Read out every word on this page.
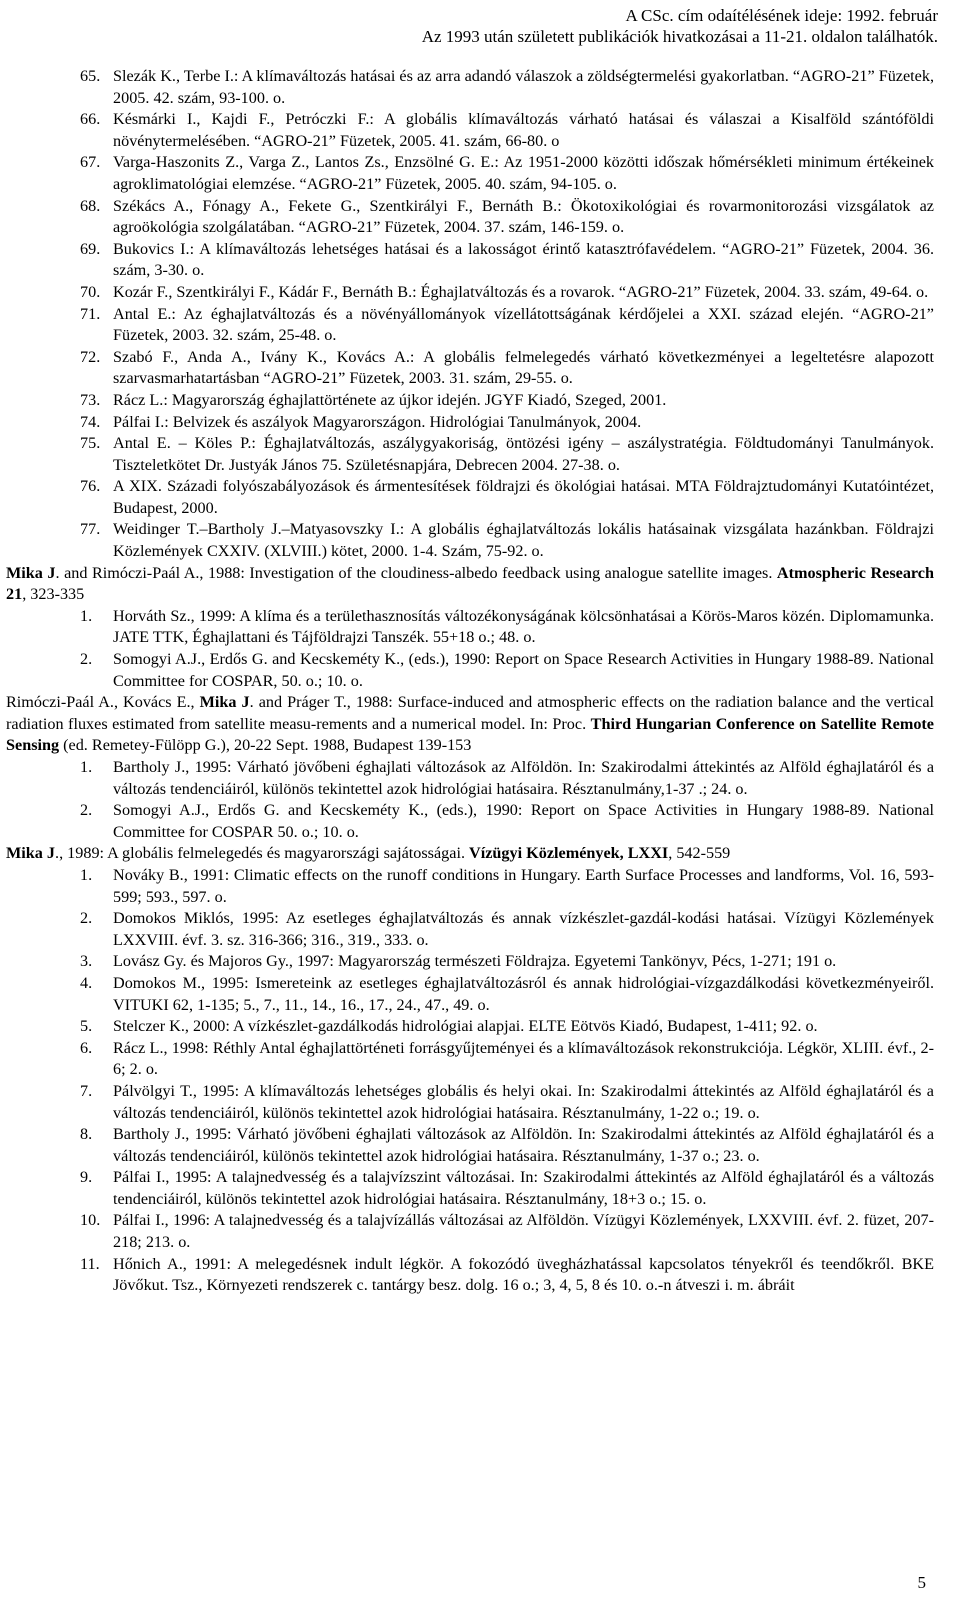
A CSc. cím odaítélésének ideje: 1992. február
Az 1993 után született publikációk hivatkozásai a 11-21. oldalon találhatók.
65. Slezák K., Terbe I.: A klímaváltozás hatásai és az arra adandó válaszok a zöldségtermelési gyakorlatban. “AGRO-21” Füzetek, 2005. 42. szám, 93-100. o.
66. Késmárki I., Kajdi F., Petróczki F.: A globális klímaváltozás várható hatásai és válaszai a Kisalföld szántóföldi növénytermelésében. “AGRO-21” Füzetek, 2005. 41. szám, 66-80. o
67. Varga-Haszonits Z., Varga Z., Lantos Zs., Enzsölné G. E.: Az 1951-2000 közötti időszak hőmérsékleti minimum értékeinek agroklimatológiai elemzése. “AGRO-21” Füzetek, 2005. 40. szám, 94-105. o.
68. Székács A., Fónagy A., Fekete G., Szentkirályi F., Bernáth B.: Ökotoxikológiai és rovarmonitorozási vizsgálatok az agroökológia szolgálatában. “AGRO-21” Füzetek, 2004. 37. szám, 146-159. o.
69. Bukovics I.: A klímaváltozás lehetséges hatásai és a lakosságot érintő katasztrófavédelem. “AGRO-21” Füzetek, 2004. 36. szám, 3-30. o.
70. Kozár F., Szentkirályi F., Kádár F., Bernáth B.: Éghajlatváltozás és a rovarok. “AGRO-21” Füzetek, 2004. 33. szám, 49-64. o.
71. Antal E.: Az éghajlatváltozás és a növényállományok vízellátottságának kérdőjelei a XXI. század elején. “AGRO-21” Füzetek, 2003. 32. szám, 25-48. o.
72. Szabó F., Anda A., Ivány K., Kovács A.: A globális felmelegedés várható következményei a legeltetésre alapozott szarvasmarhatartásban “AGRO-21” Füzetek, 2003. 31. szám, 29-55. o.
73. Rácz L.: Magyarország éghajlattörténete az újkor idején. JGYF Kiadó, Szeged, 2001.
74. Pálfai I.: Belvizek és aszályok Magyarországon. Hidrológiai Tanulmányok, 2004.
75. Antal E. – Köles P.: Éghajlatváltozás, aszálygyakoriság, öntözési igény – aszálystratégia. Földtudományi Tanulmányok. Tiszteletkötet Dr. Justyák János 75. Születésnapjára, Debrecen 2004. 27-38. o.
76. A XIX. Századi folyószabályozások és ármentesítések földrajzi és ökológiai hatásai. MTA Földrajztudományi Kutatóintézet, Budapest, 2000.
77. Weidinger T.–Bartholy J.–Matyasovszky I.: A globális éghajlatváltozás lokális hatásainak vizsgálata hazánkban. Földrajzi Közlemények CXXIV. (XLVIII.) kötet, 2000. 1-4. Szám, 75-92. o.
Mika J. and Rimóczi-Paál A., 1988: Investigation of the cloudiness-albedo feedback using analogue satellite images. Atmospheric Research 21, 323-335
1.	Horváth Sz., 1999: A klíma és a területhasznosítás változékonyságának kölcsönhatásai a Körös-Maros közén. Diplomamunka. JATE TTK, Éghajlattani és Tájföldrajzi Tanszék. 55+18 o.; 48. o.
2.	Somogyi A.J., Erdős G. and Kecskeméty K., (eds.), 1990: Report on Space Research Activities in Hungary 1988-89. National Committee for COSPAR, 50. o.; 10. o.
Rimóczi-Paál A., Kovács E., Mika J. and Práger T., 1988: Surface-induced and atmospheric effects on the radiation balance and the vertical radiation fluxes estimated from satellite measu-rements and a numerical model. In: Proc. Third Hungarian Conference on Satellite Remote Sensing (ed. Remetey-Fülöpp G.), 20-22 Sept. 1988, Budapest 139-153
1.	Bartholy J., 1995: Várható jövőbeni éghajlati változások az Alföldön. In: Szakirodalmi áttekintés az Alföld éghajlatáról és a változás tendenciáiról, különös tekintettel azok hidrológiai hatásaira. Résztanulmány,1-37 .; 24. o.
2.	Somogyi A.J., Erdős G. and Kecskeméty K., (eds.), 1990: Report on Space Activities in Hungary 1988-89. National Committee for COSPAR 50. o.; 10. o.
Mika J., 1989: A globális felmelegedés és magyarországi sajátosságai. Vízügyi Közlemények, LXXI, 542-559
1.	Nováky B., 1991: Climatic effects on the runoff conditions in Hungary. Earth Surface Processes and landforms, Vol. 16, 593-599; 593., 597. o.
2.	Domokos Miklós, 1995: Az esetleges éghajlatváltozás és annak vízkészlet-gazdál-kodási hatásai. Vízügyi Közlemények LXXVIII. évf. 3. sz. 316-366; 316., 319., 333. o.
3.	Lovász Gy. és Majoros Gy., 1997: Magyarország természeti Földrajza. Egyetemi Tankönyv, Pécs, 1-271; 191 o.
4.	Domokos M., 1995: Ismereteink az esetleges éghajlatváltozásról és annak hidrológiai-vízgazdálkodási következményeiről. VITUKI 62, 1-135; 5., 7., 11., 14., 16., 17., 24., 47., 49. o.
5.	Stelczer K., 2000: A vízkészlet-gazdálkodás hidrológiai alapjai. ELTE Eötvös Kiadó, Budapest, 1-411; 92. o.
6.	Rácz L., 1998: Réthly Antal éghajlattörténeti forrásgyűjteményei és a klímaváltozások rekonstrukciója. Légkör, XLIII. évf., 2-6; 2. o.
7.	Pálvölgyi T., 1995: A klímaváltozás lehetséges globális és helyi okai. In: Szakirodalmi áttekintés az Alföld éghajlatáról és a változás tendenciáiról, különös tekintettel azok hidrológiai hatásaira. Résztanulmány, 1-22 o.; 19. o.
8.	Bartholy J., 1995: Várható jövőbeni éghajlati változások az Alföldön. In: Szakirodalmi áttekintés az Alföld éghajlatáról és a változás tendenciáiról, különös tekintettel azok hidrológiai hatásaira. Résztanulmány, 1-37 o.; 23. o.
9.	Pálfai I., 1995: A talajnedvesség és a talajvízszint változásai. In: Szakirodalmi áttekintés az Alföld éghajlatáról és a változás tendenciáiról, különös tekintettel azok hidrológiai hatásaira. Résztanulmány, 18+3 o.; 15. o.
10. Pálfai I., 1996: A talajnedvesség és a talajvízállás változásai az Alföldön. Vízügyi Közlemények, LXXVIII. évf. 2. füzet, 207-218; 213. o.
11. Hőnich A., 1991: A melegedésnek indult légkör. A fokozódó üvegházhatással kapcsolatos tényekről és teendőkről. BKE Jövőkut. Tsz., Környezeti rendszerek c. tantárgy besz. dolg. 16 o.; 3, 4, 5, 8 és 10. o.-n átveszi i. m. ábráit
5
